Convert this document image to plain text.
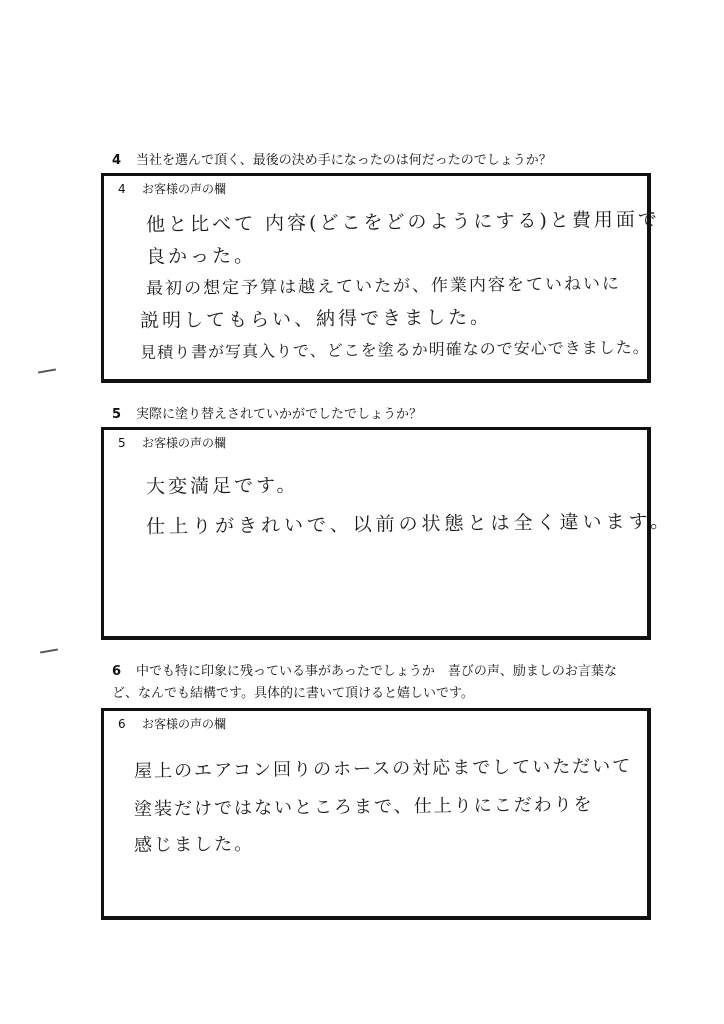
4 当社を選んで頂く、最後の決め手になったのは何だったのでしょうか？
4 お客様の声の欄
他と比べて 内容(どこをどのようにする)と費用面で
良かった。
最初の想定予算は越えていたが、作業内容をていねいに
説明してもらい、納得できました。
見積り書が写真入りで、どこを塗るか明確なので安心できました。
5 実際に塗り替えされていかがでしたでしょうか？
5 お客様の声の欄
大変満足です。
仕上りがきれいで、以前の状態とは全く違います。
6 中でも特に印象に残っている事があったでしょうか　喜びの声、励ましのお言葉な
ど、なんでも結構です。具体的に書いて頂けると嬉しいです。
6 お客様の声の欄
屋上のエアコン回りのホースの対応までしていただいて
塗装だけではないところまで、仕上りにこだわりを
感じました。
